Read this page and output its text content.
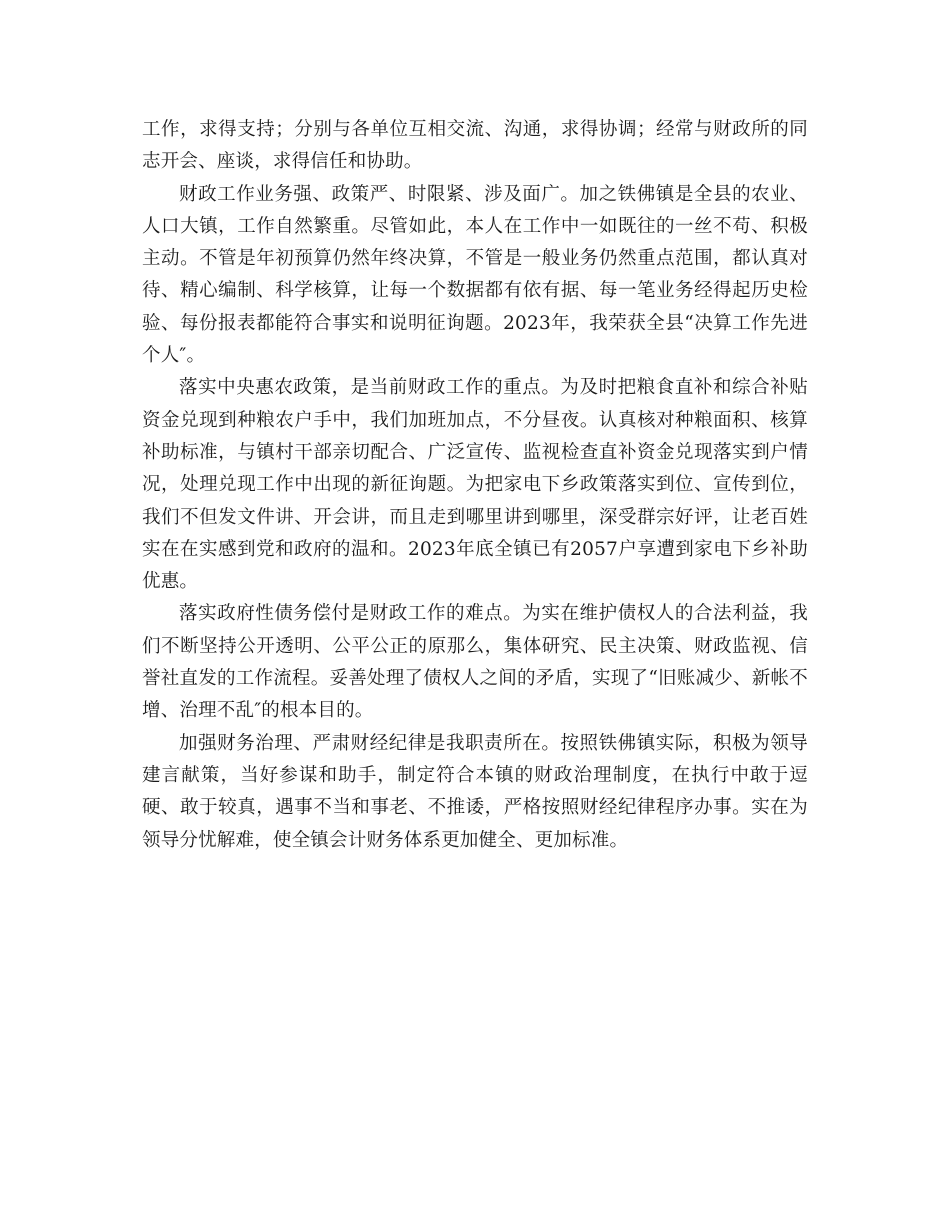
工作，求得支持；分别与各单位互相交流、沟通，求得协调；经常与财政所的同志开会、座谈，求得信任和协助。

财政工作业务强、政策严、时限紧、涉及面广。加之铁佛镇是全县的农业、人口大镇，工作自然繁重。尽管如此，本人在工作中一如既往的一丝不苟、积极主动。不管是年初预算仍然年终决算，不管是一般业务仍然重点范围，都认真对待、精心编制、科学核算，让每一个数据都有依有据、每一笔业务经得起历史检验、每份报表都能符合事实和说明征询题。2023年，我荣获全县“决算工作先进个人″。

落实中央惠农政策，是当前财政工作的重点。为及时把粮食直补和综合补贴资金兑现到种粮农户手中，我们加班加点，不分昼夜。认真核对种粮面积、核算补助标准，与镇村干部亲切配合、广泛宣传、监视检查直补资金兑现落实到户情况，处理兑现工作中出现的新征询题。为把家电下乡政策落实到位、宣传到位，我们不但发文件讲、开会讲，而且走到哪里讲到哪里，深受群宗好评，让老百姓实在在实感到党和政府的温和。2023年底全镇已有2057户享遭到家电下乡补助优惠。

落实政府性债务偿付是财政工作的难点。为实在维护债权人的合法利益，我们不断坚持公开透明、公平公正的原那么，集体研究、民主决策、财政监视、信誉社直发的工作流程。妥善处理了债权人之间的矛盾，实现了“旧账减少、新帐不增、治理不乱″的根本目的。

加强财务治理、严肃财经纪律是我职责所在。按照铁佛镇实际，积极为领导建言献策，当好参谋和助手，制定符合本镇的财政治理制度，在执行中敢于逗硬、敢于较真，遇事不当和事老、不推诿，严格按照财经纪律程序办事。实在为领导分忧解难，使全镇会计财务体系更加健全、更加标准。
